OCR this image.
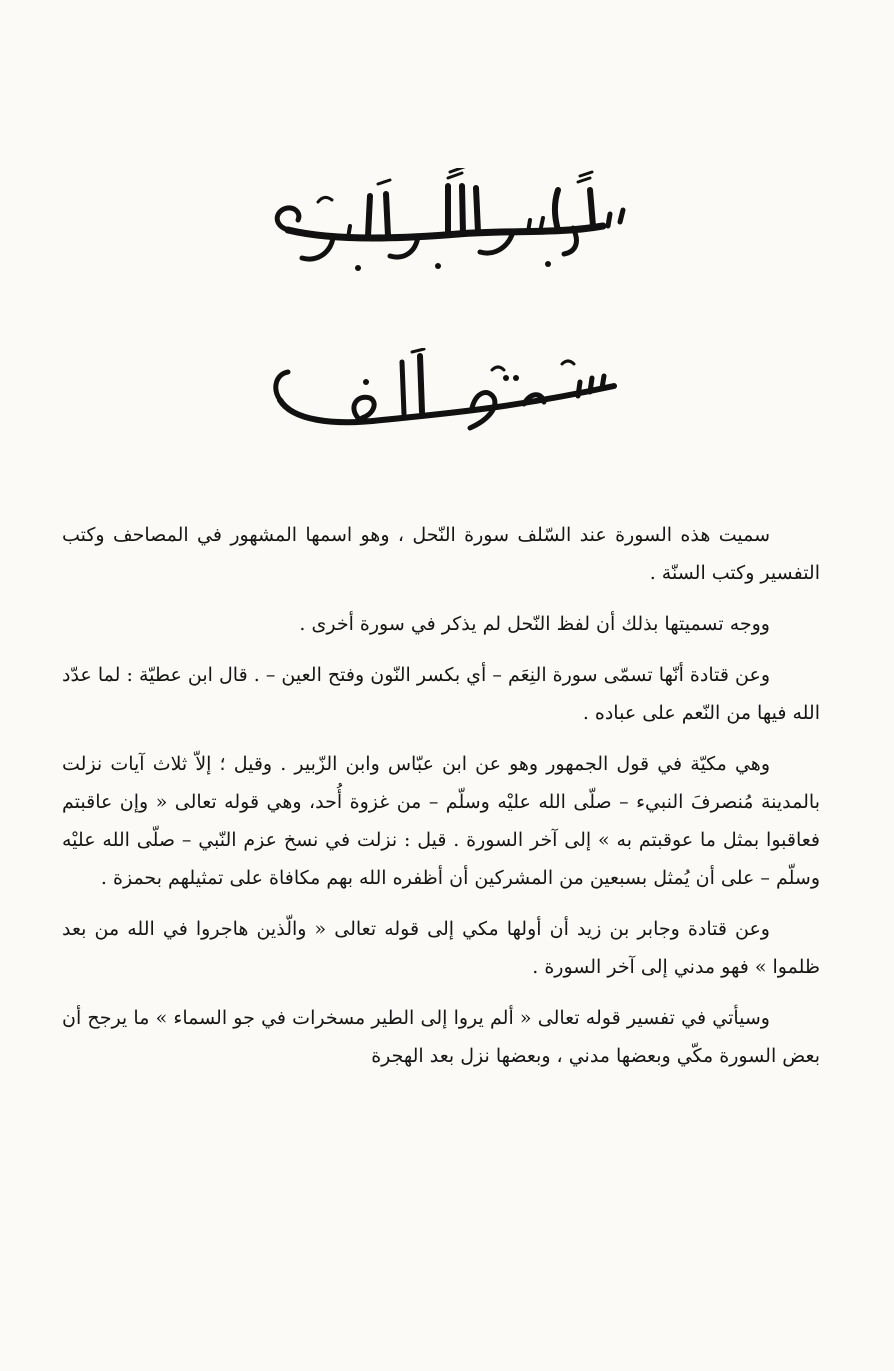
سميت هذه السورة عند السّلف سورة النّحل ، وهو اسمها المشهور في المصاحف وكتب التفسير وكتب السنّة .

ووجه تسميتها بذلك أن لفظ النّحل لم يذكر في سورة أخرى .

وعن قتادة أنّها تسمّى سورة النِعَم – أي بكسر النّون وفتح العين – . قال ابن عطيّة : لما عدّد الله فيها من النّعم على عباده .

وهي مكيّة في قول الجمهور وهو عن ابن عبّاس وابن الزّبير . وقيل ؛ إلاّ ثلاث آيات نزلت بالمدينة مُنصرفَ النبيء – صلّى الله عليْه وسلّم – من غزوة أُحد، وهي قوله تعالى « وإن عاقبتم فعاقبوا بمثل ما عوقبتم به » إلى آخر السورة . قيل : نزلت في نسخ عزم النّبي – صلّى الله عليْه وسلّم – على أن يُمثل بسبعين من المشركين أن أظفره الله بهم مكافاة على تمثيلهم بحمزة .

وعن قتادة وجابر بن زيد أن أولها مكي إلى قوله تعالى « والّذين هاجروا في الله من بعد ظلموا » فهو مدني إلى آخر السورة .

وسيأتي في تفسير قوله تعالى « ألم يروا إلى الطير مسخرات في جو السماء » ما يرجح أن بعض السورة مكّي وبعضها مدني ، وبعضها نزل بعد الهجرة
